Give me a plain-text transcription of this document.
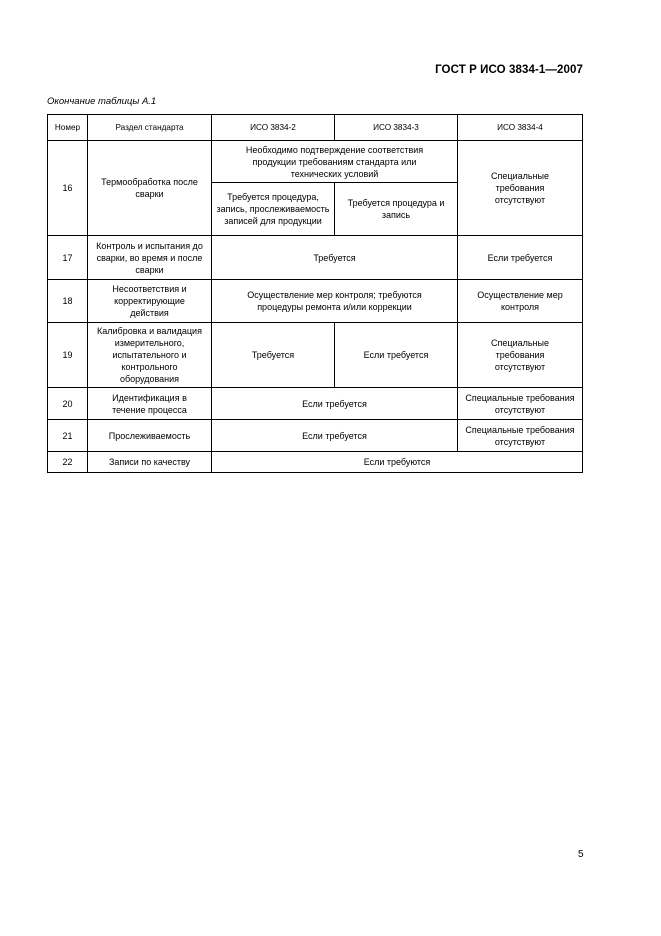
ГОСТ Р ИСО 3834-1—2007
Окончание таблицы А.1
Номер	Раздел стандарта	ИСО 3834-2	ИСО 3834-3	ИСО 3834-4
16	Термообработка после сварки	Необходимо подтверждение соответствия продукции требованиям стандарта или технических условий		Специальные требования отсутствуют
		Требуется процедура, запись, прослеживаемость записей для продукции	Требуется процедура и запись	
17	Контроль и испытания до сварки, во время и после сварки	Требуется		Если требуется
18	Несоответствия и корректирующие действия	Осуществление мер контроля; требуются процедуры ремонта и/или коррекции		Осуществление мер контроля
19	Калибровка и валидация измерительного, испытательного и контрольного оборудования	Требуется	Если требуется	Специальные требования отсутствуют
20	Идентификация в течение процесса	Если требуется		Специальные требования отсутствуют
21	Прослеживаемость	Если требуется		Специальные требования отсутствуют
22	Записи по качеству	Если требуются		
5
